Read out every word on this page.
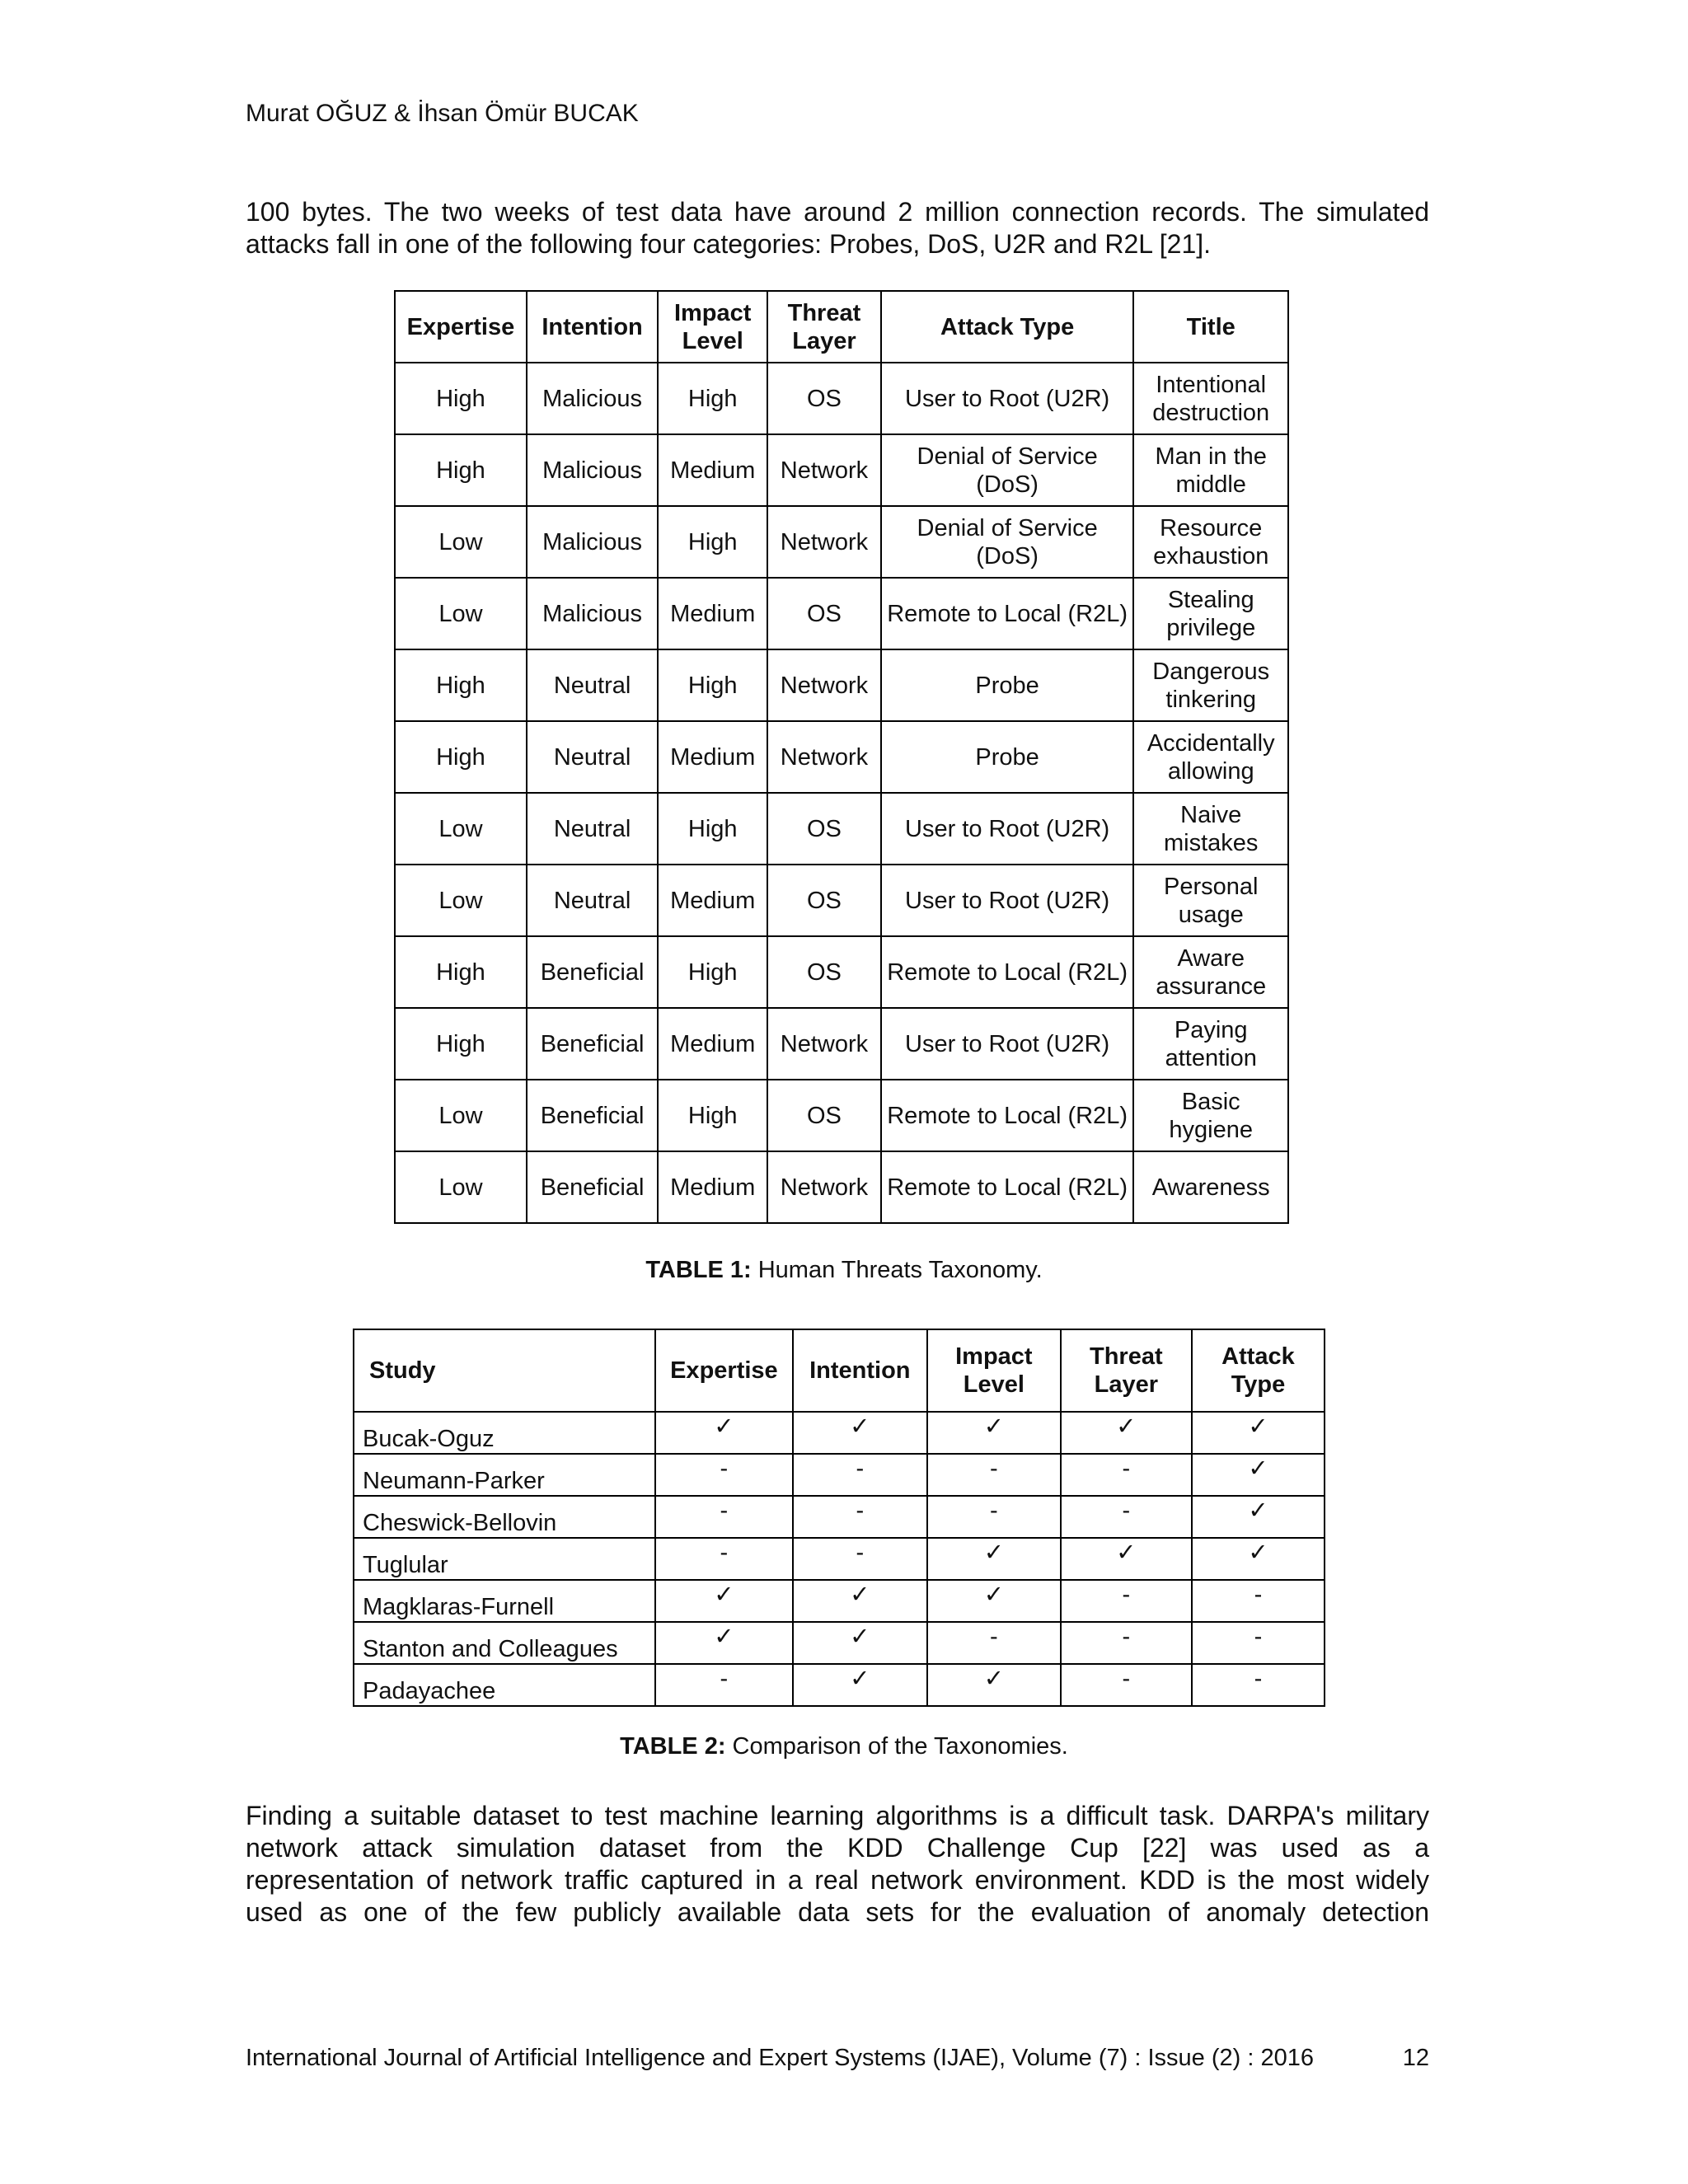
Murat OĞUZ & İhsan Ömür BUCAK
100 bytes. The two weeks of test data have around 2 million connection records. The simulated
attacks fall in one of the following four categories: Probes, DoS, U2R and R2L [21].
Expertise	Intention	Impact Level	Threat Layer	Attack Type	Title
High	Malicious	High	OS	User to Root (U2R)	Intentional destruction
High	Malicious	Medium	Network	Denial of Service (DoS)	Man in the middle
Low	Malicious	High	Network	Denial of Service (DoS)	Resource exhaustion
Low	Malicious	Medium	OS	Remote to Local (R2L)	Stealing privilege
High	Neutral	High	Network	Probe	Dangerous tinkering
High	Neutral	Medium	Network	Probe	Accidentally allowing
Low	Neutral	High	OS	User to Root (U2R)	Naive mistakes
Low	Neutral	Medium	OS	User to Root (U2R)	Personal usage
High	Beneficial	High	OS	Remote to Local (R2L)	Aware assurance
High	Beneficial	Medium	Network	User to Root (U2R)	Paying attention
Low	Beneficial	High	OS	Remote to Local (R2L)	Basic hygiene
Low	Beneficial	Medium	Network	Remote to Local (R2L)	Awareness
TABLE 1: Human Threats Taxonomy.
Study	Expertise	Intention	Impact Level	Threat Layer	Attack Type
Bucak-Oguz	✓	✓	✓	✓	✓
Neumann-Parker	-	-	-	-	✓
Cheswick-Bellovin	-	-	-	-	✓
Tuglular	-	-	✓	✓	✓
Magklaras-Furnell	✓	✓	✓	-	-
Stanton and Colleagues	✓	✓	-	-	-
Padayachee	-	✓	✓	-	-
TABLE 2: Comparison of the Taxonomies.
Finding a suitable dataset to test machine learning algorithms is a difficult task. DARPA's military
network attack simulation dataset from the KDD Challenge Cup [22] was used as a
representation of network traffic captured in a real network environment. KDD is the most widely
used as one of the few publicly available data sets for the evaluation of anomaly detection
International Journal of Artificial Intelligence and Expert Systems (IJAE), Volume (7) : Issue (2) : 2016	12
